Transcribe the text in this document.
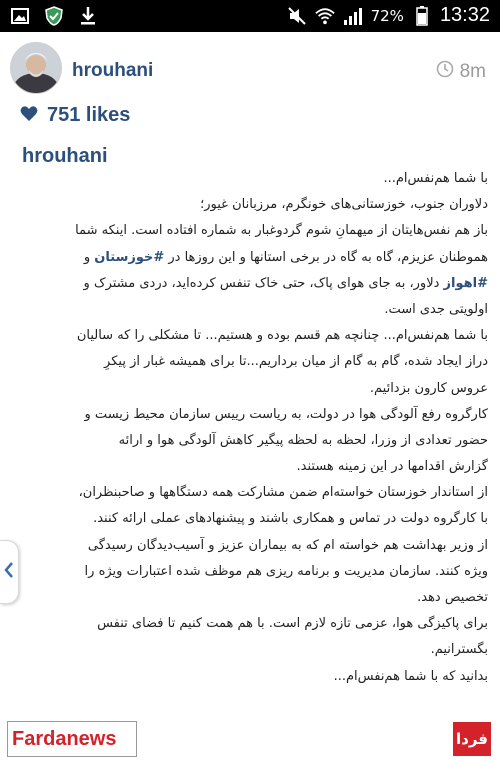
72% 13:32
hrouhani	8m
751 likes
hrouhani
با شما هم‌نفس‌ام...
دلاوران جنوب، خوزستانی‌های خونگرم، مرزبانان غیور؛
باز هم نفس‌هایتان از میهمانِ شوم گردوغبار به شماره افتاده است. اینکه شما
هموطنان عزیزم، گاه به گاه در برخی استانها و این روزها در #خوزستان و
#اهواز دلاور، به جای هوای پاک، حتی خاک تنفس کرده‌اید، دردی مشترک و
اولویتی جدی است.
با شما هم‌نفس‌ام... چنانچه هم قسم بوده و هستیم... تا مشکلی را که سالیان
دراز ایجاد شده، گام به گام از میان برداریم...تا برای همیشه غبار از پیکرِ
عروس کارون بزدائیم.
کارگروه رفع آلودگی هوا در دولت، به ریاست رییس سازمان محیط زیست و
حضور تعدادی از وزرا، لحظه به لحظه پیگیر کاهش آلودگی هوا و ارائه
گزارش اقدامها در این زمینه هستند.
از استاندار خوزستان خواسته‌ام ضمن مشارکت همه دستگاهها و صاحبنظران،
با کارگروه دولت در تماس و همکاری باشند و پیشنهادهای عملی ارائه کنند.
از وزیر بهداشت هم خواسته ام که به بیماران عزیز و آسیب‌دیدگان رسیدگی
ویژه کنند. سازمان مدیریت و برنامه ریزی هم موظف شده اعتبارات ویژه را
تخصیص دهد.
برای پاکیزگی هوا، عزمی تازه لازم است. با هم همت کنیم تا فضای تنفس
بگستر‌انیم.
بدانید که با شما هم‌نفس‌ام...
Fardanews	فردا
